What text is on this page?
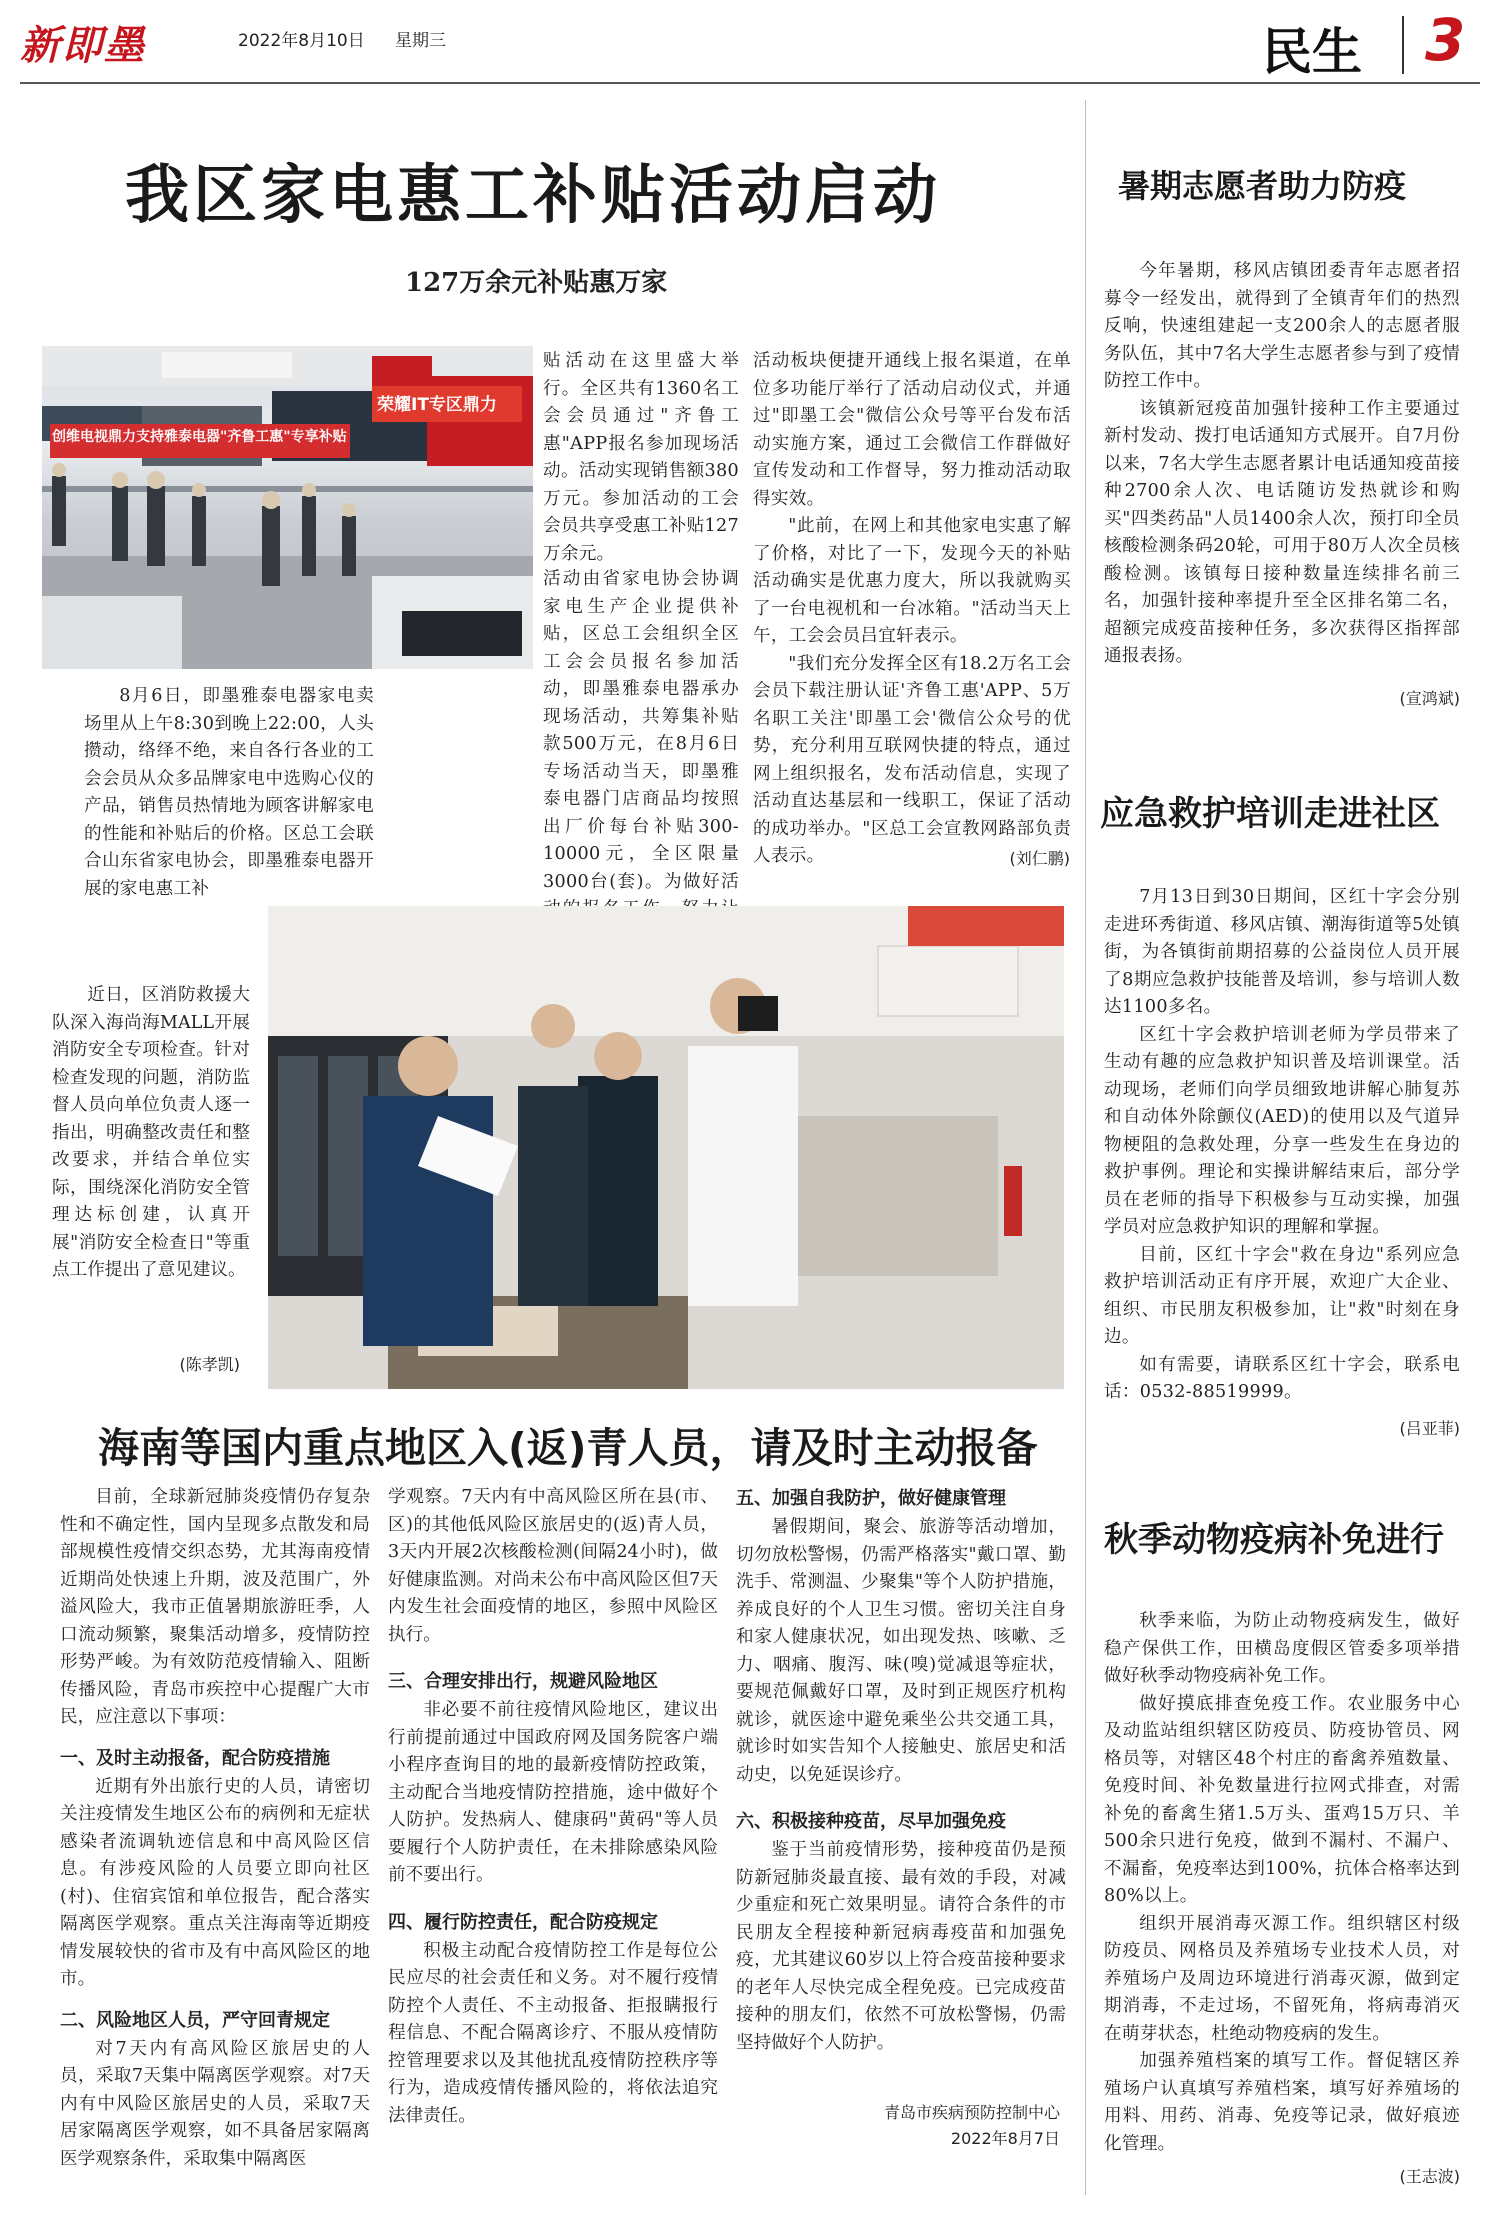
新即墨	2022年8月10日 星期三	民生 3
我区家电惠工补贴活动启动
127万余元补贴惠万家
创维电视鼎力支持雅泰电器"齐鲁工惠"专享补贴
荣耀IT专区鼎力

8月6日，即墨雅泰电器家电卖场里从上午8:30到晚上22:00，人头攒动，络绎不绝，来自各行各业的工会会员从众多品牌家电中选购心仪的产品，销售员热情地为顾客讲解家电的性能和补贴后的价格。区总工会联合山东省家电协会，即墨雅泰电器开展的家电惠工补

贴活动在这里盛大举行。全区共有1360名工会会员通过"齐鲁工惠"APP报名参加现场活动。活动实现销售额380万元。参加活动的工会会员共享受惠工补贴127万余元。

活动由省家电协会协调家电生产企业提供补贴，区总工会组织全区工会会员报名参加活动，即墨雅泰电器承办现场活动，共筹集补贴款500万元，在8月6日专场活动当天，即墨雅泰电器门店商品均按照出厂价每台补贴300-10000元，全区限量3000台(套)。为做好活

活动板块便捷开通线上报名渠道，在单位多功能厅举行了活动启动仪式，并通过"即墨工会"微信公众号等平台发布活动实施方案，通过工会微信工作群做好宣传发动和工作督导，努力推动活动取得实效。

"此前，在网上和其他家电实惠了解了价格，对比了一下，发现今天的补贴活动确实是优惠力度大，所以我就购买了一台电视机和一台冰箱。"活动当天上午，工会会员吕宜轩表示。

"我们充分发挥全区有18.2万名工会会员下载注册认证'齐鲁工惠'APP、5万名职工关注'即墨工会'微信公众号的优势，充分利用互联网快捷的特点，通过网上组织报名，发布活动信息，实现了活动直达基层和一线职工，保证了活动的成功举办。"区总工会宣教网路部负责人表示。	(刘仁鹏)

近日，区消防救援大队深入海尚海MALL开展消防安全专项检查。针对检查发现的问题，消防监督人员向单位负责人逐一指出，明确整改责任和整改要求，并结合单位实际，围绕深化消防安全管理达标创建，认真开展"消防安全检查日"等重点工作提出了意见建议。

(陈孝凯)
海南等国内重点地区入(返)青人员，请及时主动报备

目前，全球新冠肺炎疫情仍存复杂性和不确定性，国内呈现多点散发和局部规模性疫情交织态势，尤其海南疫情近期尚处快速上升期，波及范围广，外溢风险大，我市正值暑期旅游旺季，人口流动频繁，聚集活动增多，疫情防控形势严峻。为有效防范疫情输入、阻断传播风险，青岛市疾控中心提醒广大市民，应注意以下事项：

一、及时主动报备，配合防疫措施

近期有外出旅行史的人员，请密切关注疫情发生地区公布的病例和无症状感染者流调轨迹信息和中高风险区信息。有涉疫风险的人员要立即向社区(村)、住宿宾馆和单位报告，配合落实隔离医学观察。重点关注海南等近期疫情发展较快的省市及有中高风险区的地市。

二、风险地区人员，严守回青规定

对7天内有高风险区旅居史的人员，采取7天集中隔离医学观察。对7天内有中风险区旅居史的人员，采取7天居家隔离医学观察，如不具备居家隔离医学观察条件，采取集中隔离医

学观察。7天内有中高风险区所在县(市、区)的其他低风险区旅居史的(返)青人员，3天内开展2次核酸检测(间隔24小时)，做好健康监测。对尚未公布中高风险区但7天内发生社会面疫情的地区，参照中风险区执行。

三、合理安排出行，规避风险地区

非必要不前往疫情风险地区，建议出行前提前通过中国政府网及国务院客户端小程序查询目的地的最新疫情防控政策，主动配合当地疫情防控措施，途中做好个人防护。发热病人、健康码"黄码"等人员要履行个人防护责任，在未排除感染风险前不要出行。

四、履行防控责任，配合防疫规定

积极主动配合疫情防控工作是每位公民应尽的社会责任和义务。对不履行疫情防控个人责任、不主动报备、拒报瞒报行程信息、不配合隔离诊疗、不服从疫情防控管理要求以及其他扰乱疫情防控秩序等行为，造成疫情传播风险的，将依法追究法律责任。

五、加强自我防护，做好健康管理

暑假期间，聚会、旅游等活动增加，切勿放松警惕，仍需严格落实"戴口罩、勤洗手、常测温、少聚集"等个人防护措施，养成良好的个人卫生习惯。密切关注自身和家人健康状况，如出现发热、咳嗽、乏力、咽痛、腹泻、味(嗅)觉减退等症状，要规范佩戴好口罩，及时到正规医疗机构就诊，就医途中避免乘坐公共交通工具，就诊时如实告知个人接触史、旅居史和活动史，以免延误诊疗。

六、积极接种疫苗，尽早加强免疫

鉴于当前疫情形势，接种疫苗仍是预防新冠肺炎最直接、最有效的手段，对减少重症和死亡效果明显。请符合条件的市民朋友全程接种新冠病毒疫苗和加强免疫，尤其建议60岁以上符合疫苗接种要求的老年人尽快完成全程免疫。已完成疫苗接种的朋友们，依然不可放松警惕，仍需坚持做好个人防护。

青岛市疾病预防控制中心
2022年8月7日
暑期志愿者助力防疫

今年暑期，移风店镇团委青年志愿者招募令一经发出，就得到了全镇青年们的热烈反响，快速组建起一支200余人的志愿者服务队伍，其中7名大学生志愿者参与到了疫情防控工作中。

该镇新冠疫苗加强针接种工作主要通过新村发动、拨打电话通知方式展开。自7月份以来，7名大学生志愿者累计电话通知疫苗接种2700余人次、电话随访发热就诊和购买"四类药品"人员1400余人次，预打印全员核酸检测条码20轮，可用于80万人次全员核酸检测。该镇每日接种数量连续排名前三名，加强针接种率提升至全区排名第二名，超额完成疫苗接种任务，多次获得区指挥部通报表扬。

(宣鸿斌)
应急救护培训走进社区

7月13日到30日期间，区红十字会分别走进环秀街道、移风店镇、潮海街道等5处镇街，为各镇街前期招募的公益岗位人员开展了8期应急救护技能普及培训，参与培训人数达1100多名。

区红十字会救护培训老师为学员带来了生动有趣的应急救护知识普及培训课堂。活动现场，老师们向学员细致地讲解心肺复苏和自动体外除颤仪(AED)的使用以及气道异物梗阻的急救处理，分享一些发生在身边的救护事例。理论和实操讲解结束后，部分学员在老师的指导下积极参与互动实操，加强学员对应急救护知识的理解和掌握。

目前，区红十字会"救在身边"系列应急救护培训活动正有序开展，欢迎广大企业、组织、市民朋友积极参加，让"救"时刻在身边。

如有需要，请联系区红十字会，联系电话：0532-88519999。

(吕亚菲)
秋季动物疫病补免进行

秋季来临，为防止动物疫病发生，做好稳产保供工作，田横岛度假区管委多项举措做好秋季动物疫病补免工作。

做好摸底排查免疫工作。农业服务中心及动监站组织辖区防疫员、防疫协管员、网格员等，对辖区48个村庄的畜禽养殖数量、免疫时间、补免数量进行拉网式排查，对需补免的畜禽生猪1.5万头、蛋鸡15万只、羊500余只进行免疫，做到不漏村、不漏户、不漏畜，免疫率达到100%，抗体合格率达到80%以上。

组织开展消毒灭源工作。组织辖区村级防疫员、网格员及养殖场专业技术人员，对养殖场户及周边环境进行消毒灭源，做到定期消毒，不走过场，不留死角，将病毒消灭在萌芽状态，杜绝动物疫病的发生。

加强养殖档案的填写工作。督促辖区养殖场户认真填写养殖档案，填写好养殖场的用料、用药、消毒、免疫等记录，做好痕迹化管理。

(王志波)
